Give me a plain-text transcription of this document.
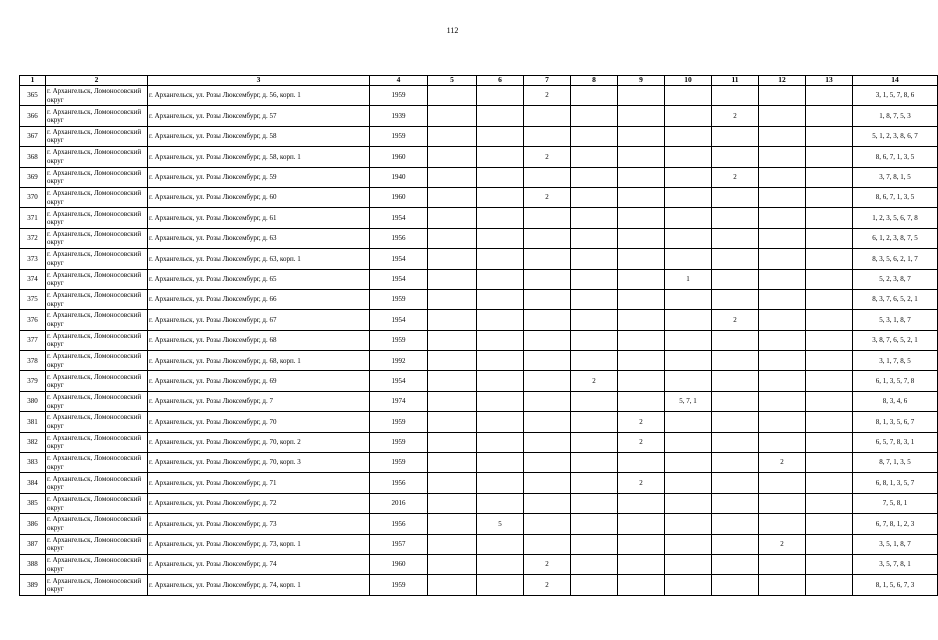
112
1	2	3	4	5	6	7	8	9	10	11	12	13	14
365	г. Архангельск, Ломоносовский округ	г. Архангельск, ул. Розы Люксембург, д. 56, корп. 1	1959			2							3, 1, 5, 7, 8, 6
366	г. Архангельск, Ломоносовский округ	г. Архангельск, ул. Розы Люксембург, д. 57	1939							2			1, 8, 7, 5, 3
367	г. Архангельск, Ломоносовский округ	г. Архангельск, ул. Розы Люксембург, д. 58	1959										5, 1, 2, 3, 8, 6, 7
368	г. Архангельск, Ломоносовский округ	г. Архангельск, ул. Розы Люксембург, д. 58, корп. 1	1960			2							8, 6, 7, 1, 3, 5
369	г. Архангельск, Ломоносовский округ	г. Архангельск, ул. Розы Люксембург, д. 59	1940							2			3, 7, 8, 1, 5
370	г. Архангельск, Ломоносовский округ	г. Архангельск, ул. Розы Люксембург, д. 60	1960			2							8, 6, 7, 1, 3, 5
371	г. Архангельск, Ломоносовский округ	г. Архангельск, ул. Розы Люксембург, д. 61	1954										1, 2, 3, 5, 6, 7, 8
372	г. Архангельск, Ломоносовский округ	г. Архангельск, ул. Розы Люксембург, д. 63	1956										6, 1, 2, 3, 8, 7, 5
373	г. Архангельск, Ломоносовский округ	г. Архангельск, ул. Розы Люксембург, д. 63, корп. 1	1954										8, 3, 5, 6, 2, 1, 7
374	г. Архангельск, Ломоносовский округ	г. Архангельск, ул. Розы Люксембург, д. 65	1954						1				5, 2, 3, 8, 7
375	г. Архангельск, Ломоносовский округ	г. Архангельск, ул. Розы Люксембург, д. 66	1959										8, 3, 7, 6, 5, 2, 1
376	г. Архангельск, Ломоносовский округ	г. Архангельск, ул. Розы Люксембург, д. 67	1954							2			5, 3, 1, 8, 7
377	г. Архангельск, Ломоносовский округ	г. Архангельск, ул. Розы Люксембург, д. 68	1959										3, 8, 7, 6, 5, 2, 1
378	г. Архангельск, Ломоносовский округ	г. Архангельск, ул. Розы Люксембург, д. 68, корп. 1	1992										3, 1, 7, 8, 5
379	г. Архангельск, Ломоносовский округ	г. Архангельск, ул. Розы Люксембург, д. 69	1954				2						6, 1, 3, 5, 7, 8
380	г. Архангельск, Ломоносовский округ	г. Архангельск, ул. Розы Люксембург, д. 7	1974						5, 7, 1				8, 3, 4, 6
381	г. Архангельск, Ломоносовский округ	г. Архангельск, ул. Розы Люксембург, д. 70	1959					2					8, 1, 3, 5, 6, 7
382	г. Архангельск, Ломоносовский округ	г. Архангельск, ул. Розы Люксембург, д. 70, корп. 2	1959					2					6, 5, 7, 8, 3, 1
383	г. Архангельск, Ломоносовский округ	г. Архангельск, ул. Розы Люксембург, д. 70, корп. 3	1959								2		8, 7, 1, 3, 5
384	г. Архангельск, Ломоносовский округ	г. Архангельск, ул. Розы Люксембург, д. 71	1956					2					6, 8, 1, 3, 5, 7
385	г. Архангельск, Ломоносовский округ	г. Архангельск, ул. Розы Люксембург, д. 72	2016										7, 5, 8, 1
386	г. Архангельск, Ломоносовский округ	г. Архангельск, ул. Розы Люксембург, д. 73	1956		5								6, 7, 8, 1, 2, 3
387	г. Архангельск, Ломоносовский округ	г. Архангельск, ул. Розы Люксембург, д. 73, корп. 1	1957								2		3, 5, 1, 8, 7
388	г. Архангельск, Ломоносовский округ	г. Архангельск, ул. Розы Люксембург, д. 74	1960			2							3, 5, 7, 8, 1
389	г. Архангельск, Ломоносовский округ	г. Архангельск, ул. Розы Люксембург, д. 74, корп. 1	1959			2							8, 1, 5, 6, 7, 3
